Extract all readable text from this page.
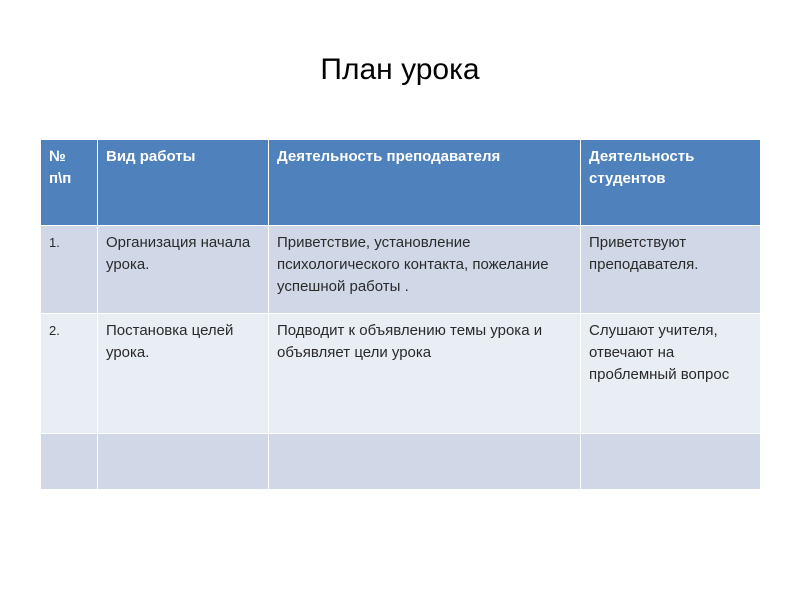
План урока
№ п\п	Вид работы	Деятельность преподавателя	Деятельность студентов
1.	Организация начала урока.	Приветствие, установление психологического контакта, пожелание успешной работы .	Приветствуют преподавателя.
2.	Постановка целей урока.	Подводит к объявлению темы урока и объявляет цели урока	Слушают учителя, отвечают на проблемный вопрос
